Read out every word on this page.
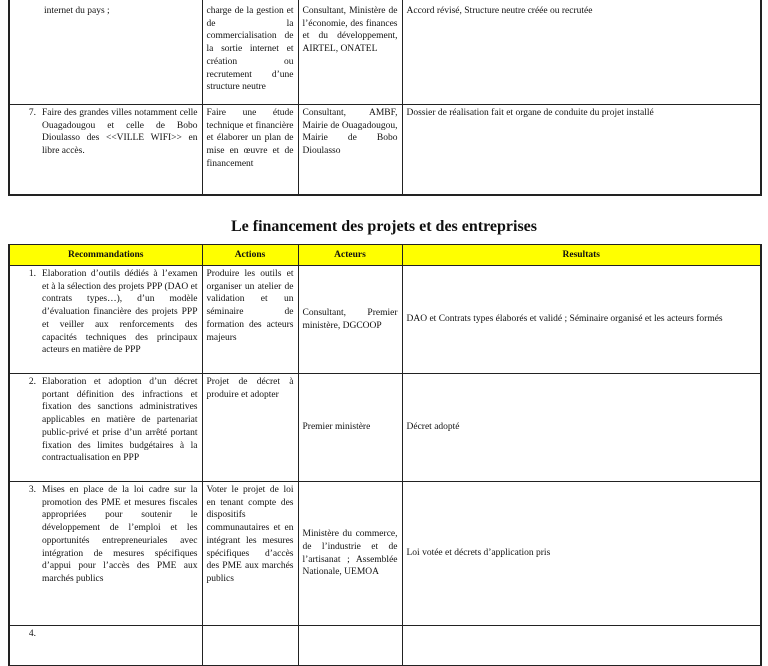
internet du pays ;	charge de la gestion et de la commercialisation de la sortie internet et création ou recrutement d’une structure neutre	Consultant, Ministère de l’économie, des finances et du développement, AIRTEL, ONATEL	Accord révisé, Structure neutre créée ou recrutée

7. Faire des grandes villes notamment celle Ouagadougou et celle de Bobo Dioulasso des <<VILLE WIFI>> en libre accès.	Faire une étude technique et financière et élaborer un plan de mise en œuvre et de financement	Consultant, AMBF, Mairie de Ouagadougou, Mairie de Bobo Dioulasso	Dossier de réalisation fait et organe de conduite du projet installé
Le financement des projets et des entreprises
Recommandations	Actions	Acteurs	Resultats

1. Elaboration d’outils dédiés à l’examen et à la sélection des projets PPP (DAO et contrats types…), d’un modèle d’évaluation financière des projets PPP et veiller aux renforcements des capacités techniques des principaux acteurs en matière de PPP	Produire les outils et organiser un atelier de validation et un séminaire de formation des acteurs majeurs	Consultant, Premier ministère, DGCOOP	DAO et Contrats types élaborés et validé ; Séminaire organisé et les acteurs formés

2. Elaboration et adoption d’un décret portant définition des infractions et fixation des sanctions administratives applicables en matière de partenariat public-privé et prise d’un arrêté portant fixation des limites budgétaires à la contractualisation en PPP	Projet de décret à produire et adopter	Premier ministère	Décret adopté

3. Mises en place de la loi cadre sur la promotion des PME et mesures fiscales appropriées pour soutenir le développement de l’emploi et les opportunités entrepreneuriales avec intégration de mesures spécifiques d’appui pour l’accès des PME aux marchés publics	Voter le projet de loi en tenant compte des dispositifs communautaires et en intégrant les mesures spécifiques d’accès des PME aux marchés publics	Ministère du commerce, de l’industrie et de l’artisanat ; Assemblée Nationale, UEMOA	Loi votée et décrets d’application pris

4.			
